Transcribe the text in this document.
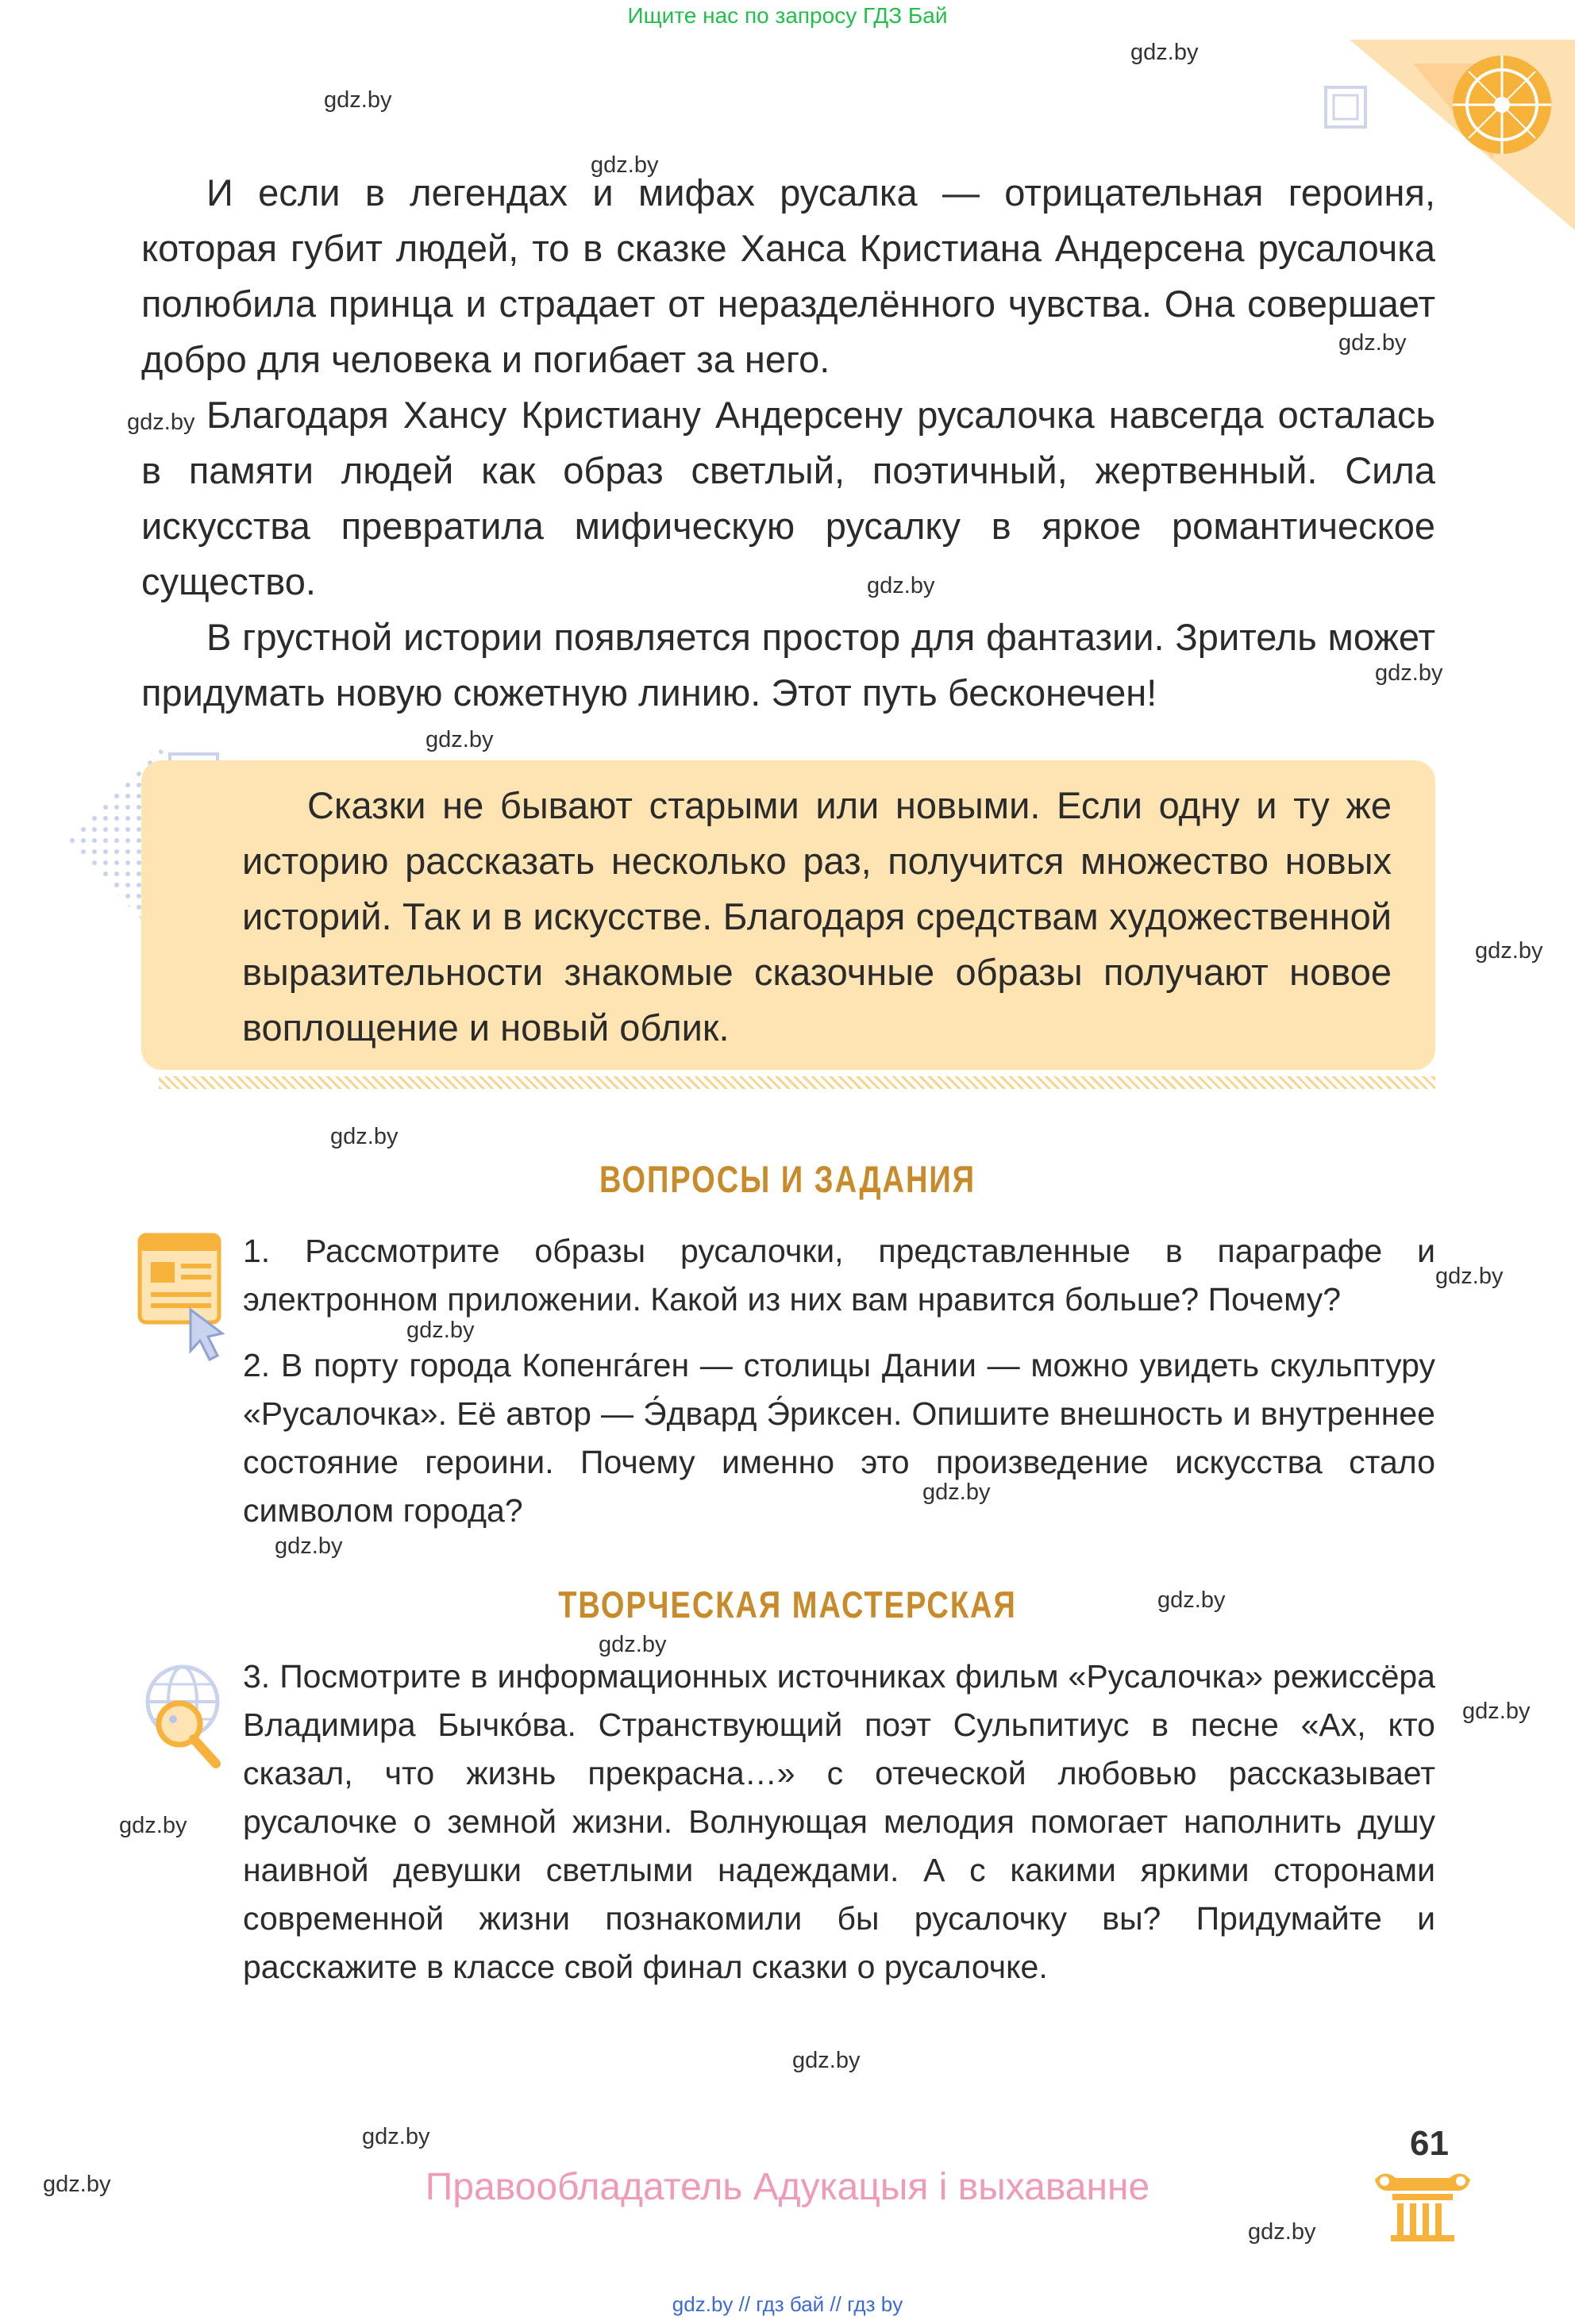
Ищите нас по запросу ГДЗ Бай
gdz.by
gdz.by
gdz.by
gdz.by
gdz.by
gdz.by
gdz.by
gdz.by
gdz.by
gdz.by
gdz.by
gdz.by
gdz.by
gdz.by
gdz.by
gdz.by
gdz.by
gdz.by
gdz.by
gdz.by
gdz.by
gdz.by
И если в легендах и мифах русалка — отрицательная героиня, которая губит людей, то в сказке Ханса Кристиана Андерсена русалочка полюбила принца и страдает от неразделённого чувства. Она совершает добро для человека и погибает за него.
Благодаря Хансу Кристиану Андерсену русалочка навсегда осталась в памяти людей как образ светлый, поэтичный, жертвенный. Сила искусства превратила мифическую русалку в яркое романтическое существо.
В грустной истории появляется простор для фантазии. Зритель может придумать новую сюжетную линию. Этот путь бесконечен!
Сказки не бывают старыми или новыми. Если одну и ту же историю рассказать несколько раз, получится множество новых историй. Так и в искусстве. Благодаря средствам художественной выразительности знакомые сказочные образы получают новое воплощение и новый облик.
ВОПРОСЫ И ЗАДАНИЯ
1. Рассмотрите образы русалочки, представленные в параграфе и электронном приложении. Какой из них вам нравится больше? Почему?
2. В порту города Копенга́ген — столицы Дании — можно увидеть скульптуру «Русалочка». Её автор — Э́двард Э́риксен. Опишите внешность и внутреннее состояние героини. Почему именно это произведение искусства стало символом города?
ТВОРЧЕСКАЯ МАСТЕРСКАЯ
3. Посмотрите в информационных источниках фильм «Русалочка» режиссёра Владимира Бычко́ва. Странствующий поэт Сульпитиус в песне «Ах, кто сказал, что жизнь прекрасна…» с отеческой любовью рассказывает русалочке о земной жизни. Волнующая мелодия помогает наполнить душу наивной девушки светлыми надеждами. А с какими яркими сторонами современной жизни познакомили бы русалочку вы? Придумайте и расскажите в классе свой финал сказки о русалочке.
61
Правообладатель Адукацыя і выхаванне
gdz.by // гдз бай // гдз by
